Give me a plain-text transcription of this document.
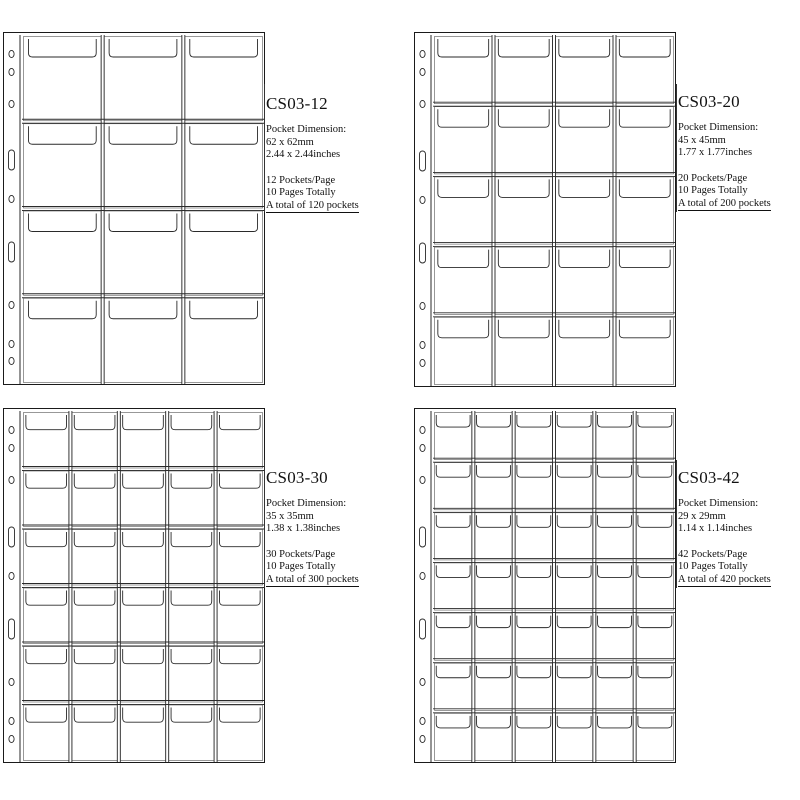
CS03-12
Pocket Dimension:
62 x 62mm
2.44 x 2.44inches
12 Pockets/Page
10 Pages Totally
A total of 120 pockets
CS03-20
Pocket Dimension:
45 x 45mm
1.77 x 1.77inches
20 Pockets/Page
10 Pages Totally
A total of 200 pockets
CS03-30
Pocket Dimension:
35 x 35mm
1.38 x 1.38inches
30 Pockets/Page
10 Pages Totally
A total of 300 pockets
CS03-42
Pocket Dimension:
29 x 29mm
1.14 x 1.14inches
42 Pockets/Page
10 Pages Totally
A total of 420 pockets
